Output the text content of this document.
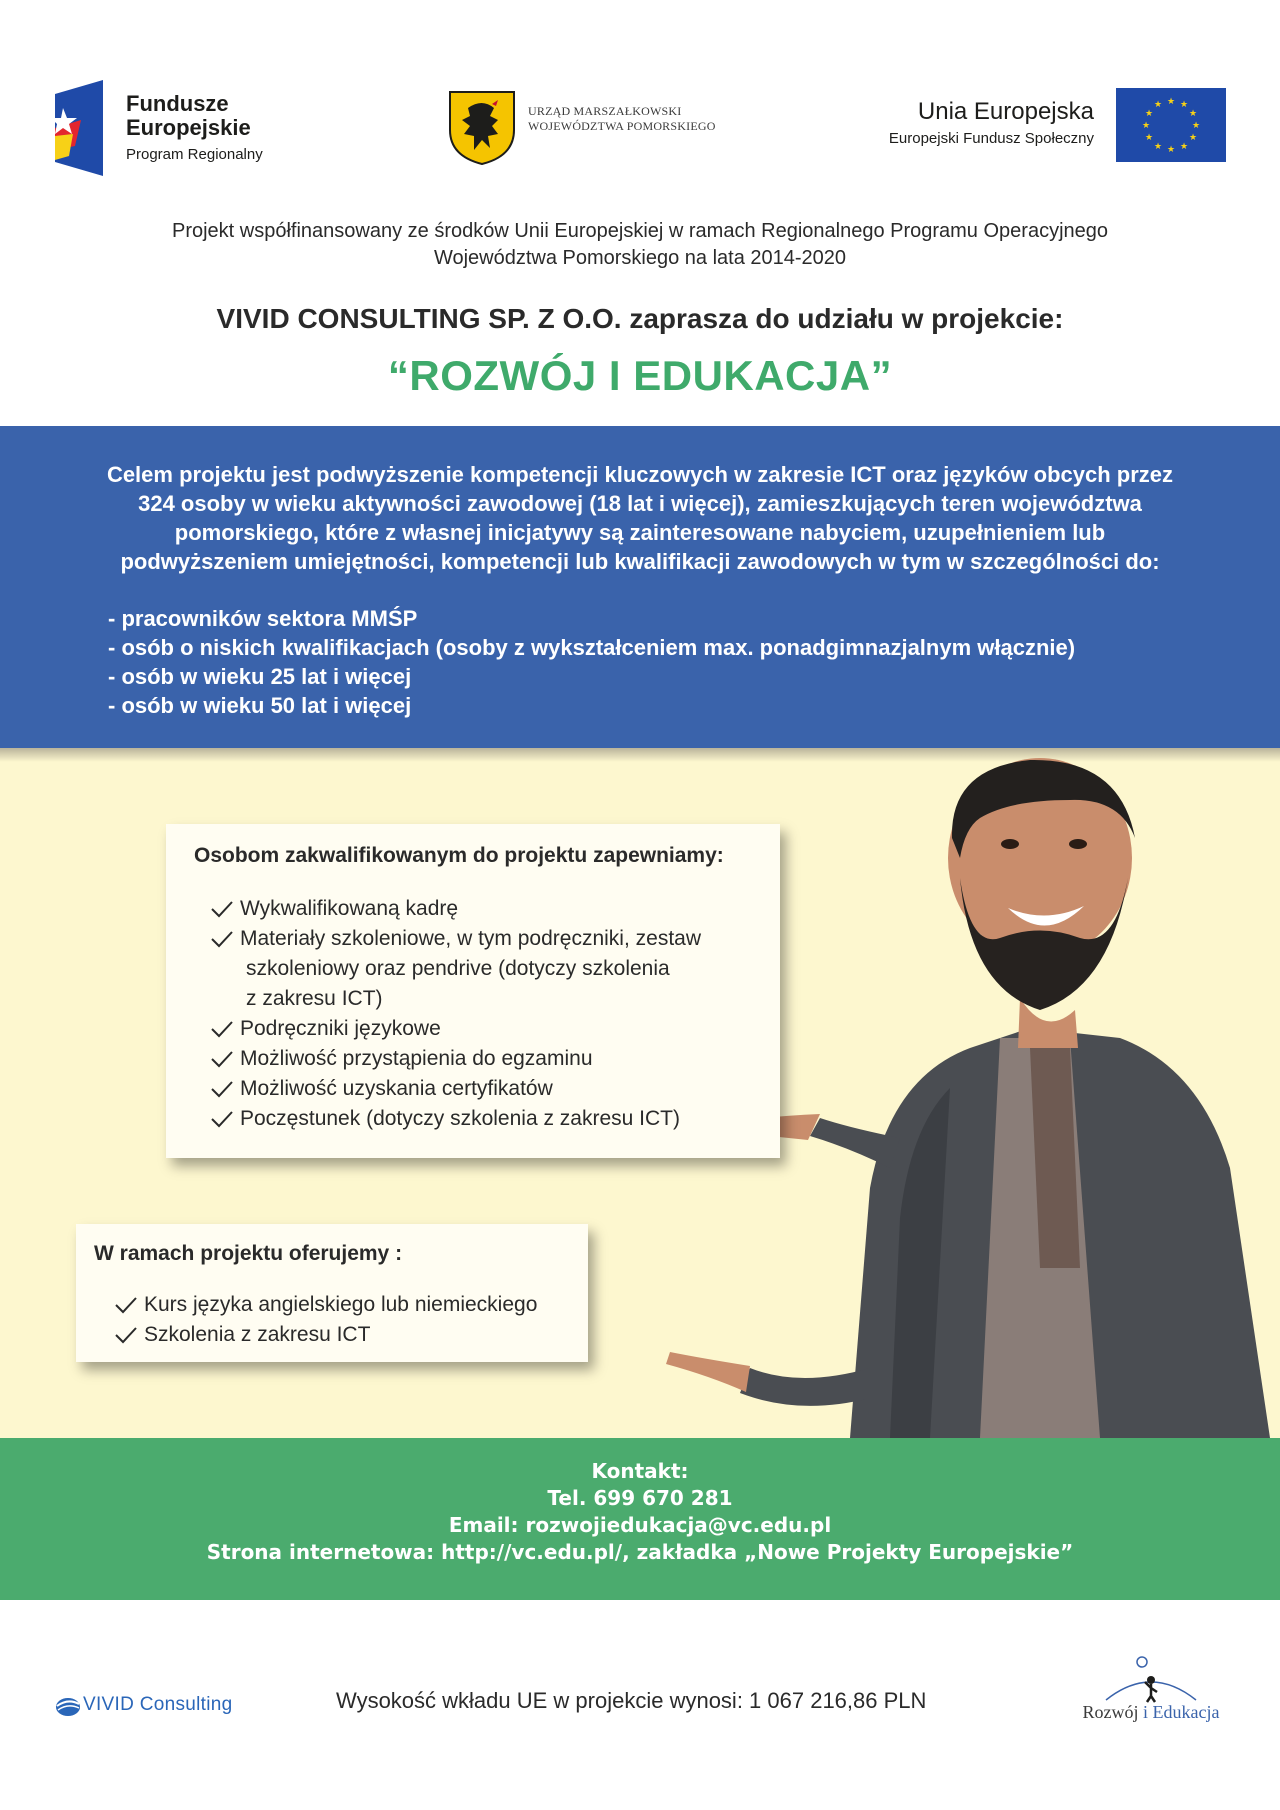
Fundusze
Europejskie
Program Regionalny
URZĄD MARSZAŁKOWSKI
WOJEWÓDZTWA POMORSKIEGO
Unia Europejska
Europejski Fundusz Społeczny
★ ★
★
★
★
★
★
★
★
★
★
★
Projekt współfinansowany ze środków Unii Europejskiej w ramach Regionalnego Programu Operacyjnego
Województwa Pomorskiego na lata 2014-2020
VIVID CONSULTING SP. Z O.O. zaprasza do udziału w projekcie:
“ROZWÓJ I EDUKACJA”
Celem projektu jest podwyższenie kompetencji kluczowych w zakresie ICT oraz języków obcych przez
324 osoby w wieku aktywności zawodowej (18 lat i więcej), zamieszkujących teren województwa
pomorskiego, które z własnej inicjatywy są zainteresowane nabyciem, uzupełnieniem lub
podwyższeniem umiejętności, kompetencji lub kwalifikacji zawodowych w tym w szczególności do:
- pracowników sektora MMŚP
- osób o niskich kwalifikacjach (osoby z wykształceniem max. ponadgimnazjalnym włącznie)
- osób w wieku 25 lat i więcej
- osób w wieku 50 lat i więcej
Osobom zakwalifikowanym do projektu zapewniamy:
Wykwalifikowaną kadrę
Materiały szkoleniowe, w tym podręczniki, zestaw
szkoleniowy oraz pendrive (dotyczy szkolenia
z zakresu ICT)
Podręczniki językowe
Możliwość przystąpienia do egzaminu
Możliwość uzyskania certyfikatów
Poczęstunek (dotyczy szkolenia z zakresu ICT)
W ramach projektu oferujemy :
Kurs języka angielskiego lub niemieckiego
Szkolenia z zakresu ICT
Kontakt:
Tel. 699 670 281
Email: rozwojiedukacja@vc.edu.pl
Strona internetowa: http://vc.edu.pl/, zakładka „Nowe Projekty Europejskie”
VIVID Consulting	Wysokość wkładu UE w projekcie wynosi: 1 067 216,86 PLN	Rozwój i Edukacja
